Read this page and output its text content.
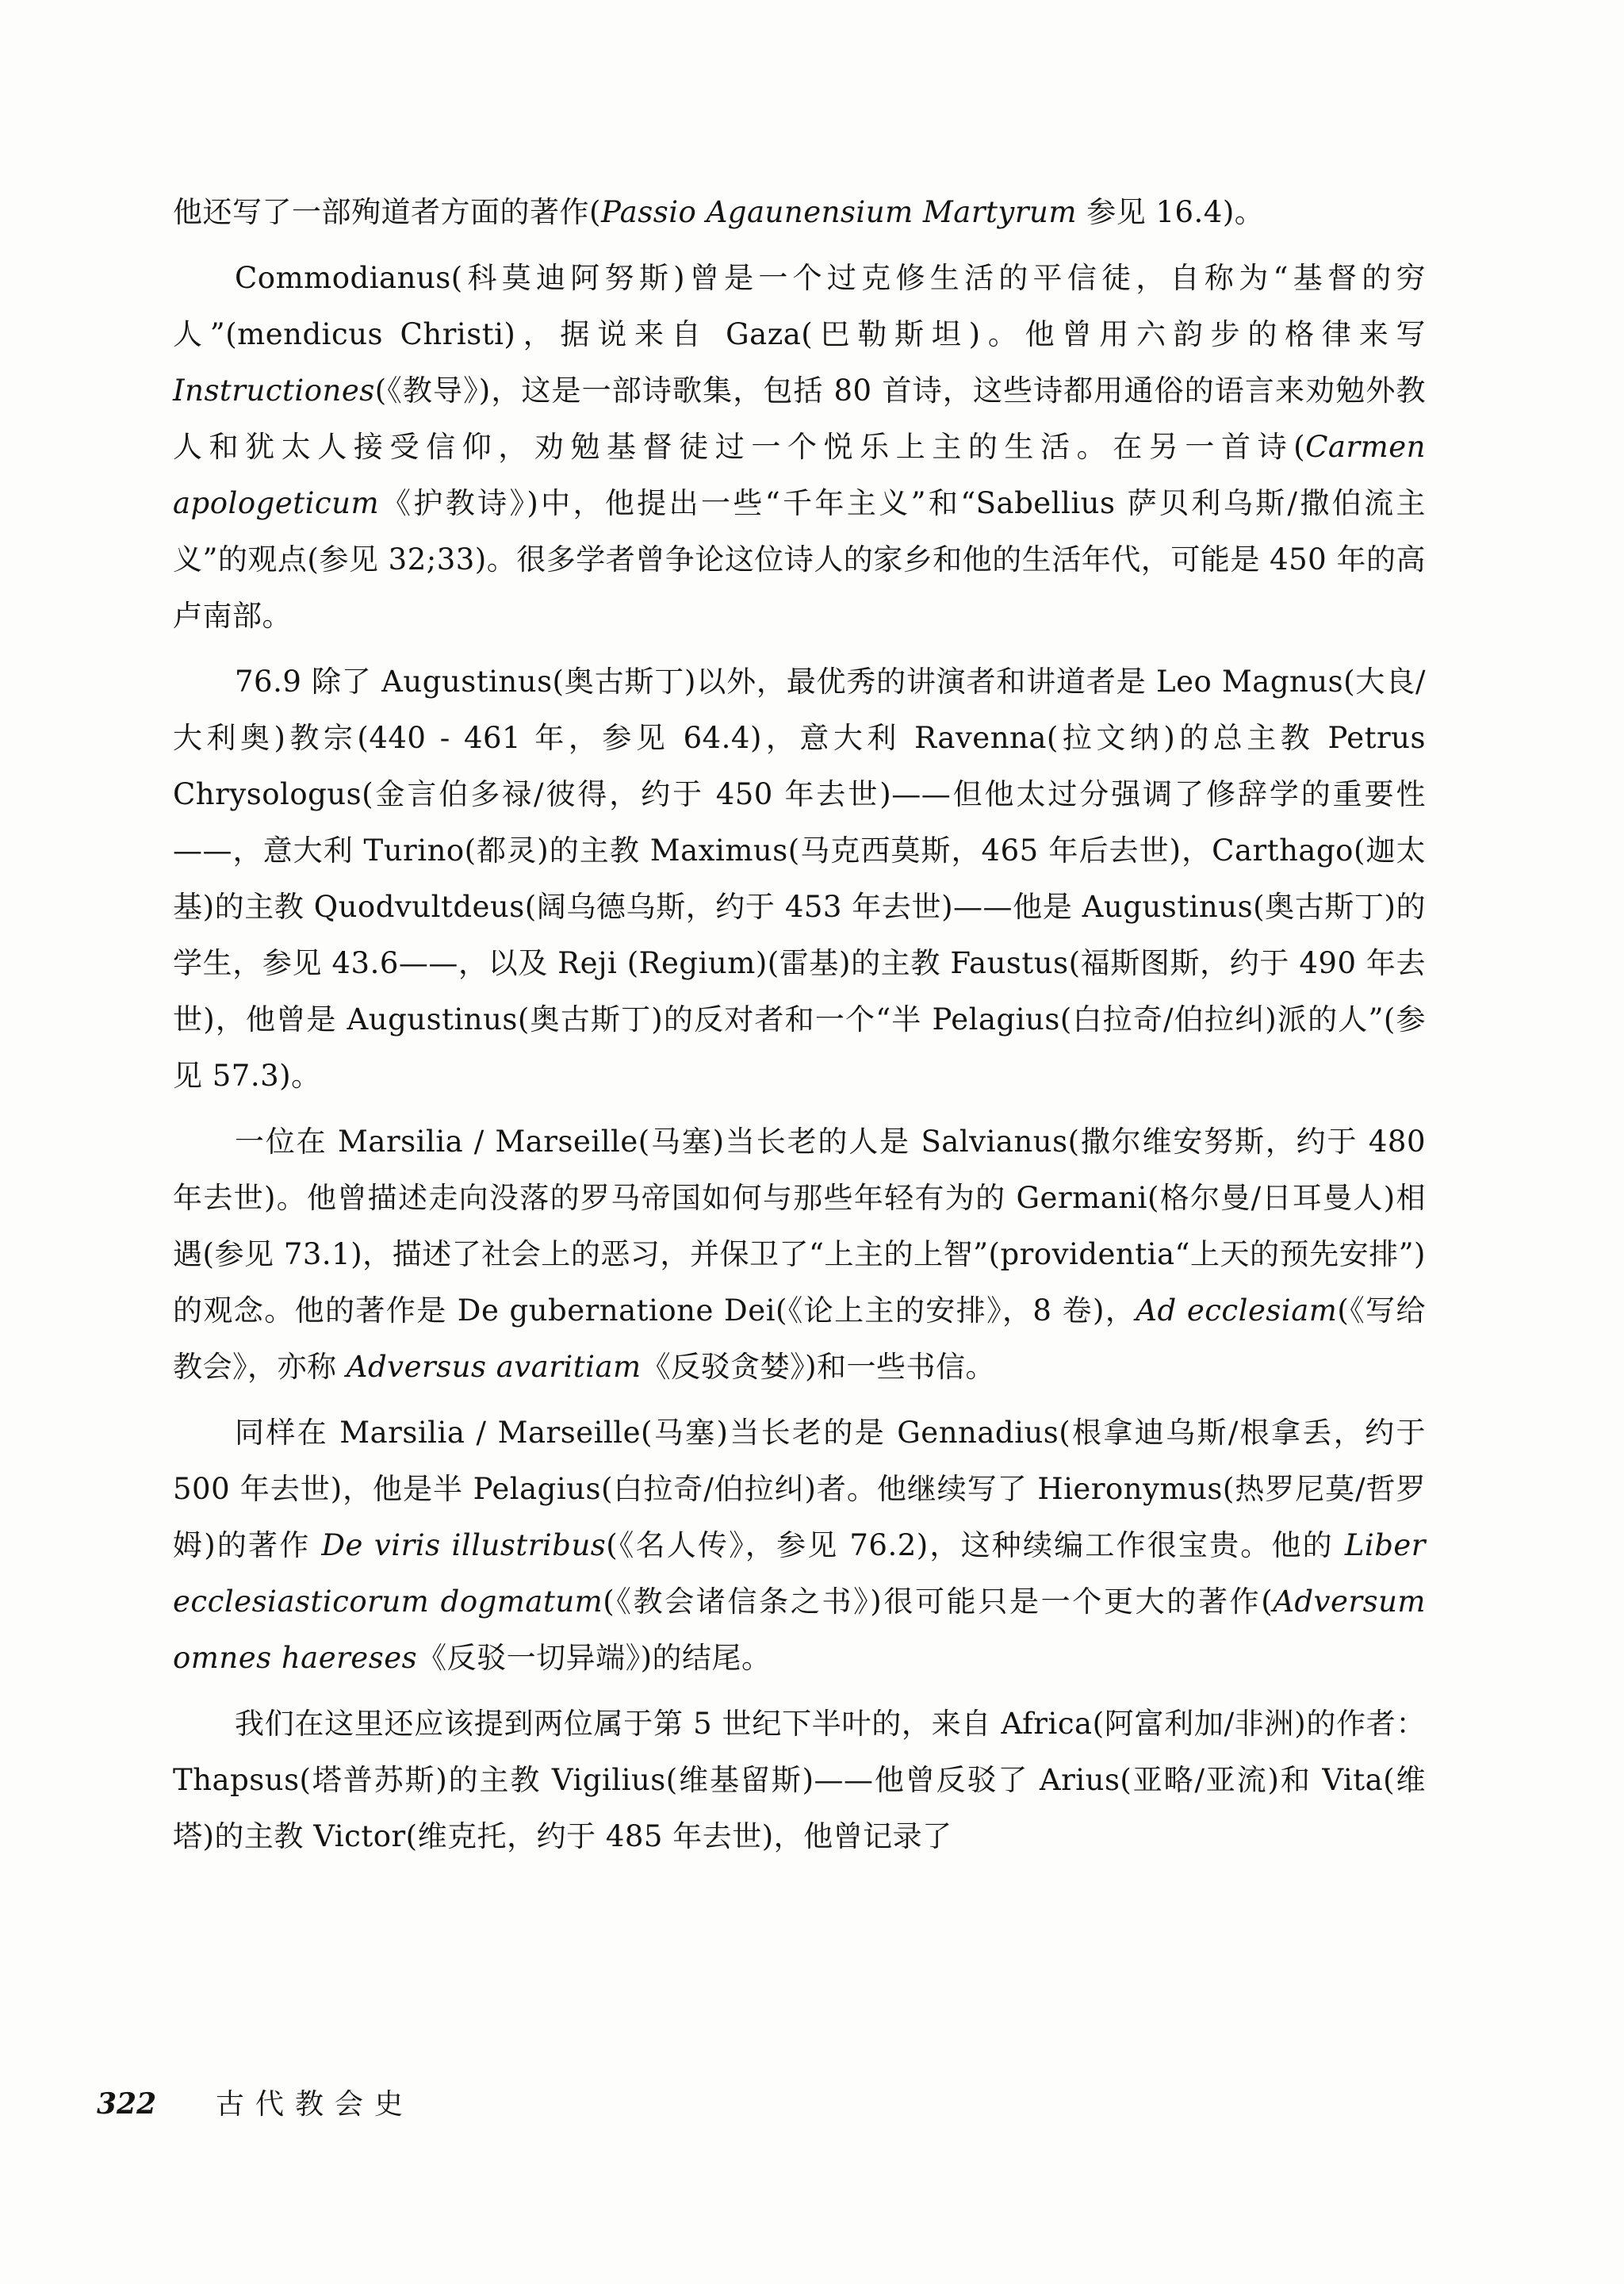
他还写了一部殉道者方面的著作(Passio Agaunensium Martyrum 参见 16.4)。

Commodianus(科莫迪阿努斯)曾是一个过克修生活的平信徒，自称为“基督的穷人”(mendicus Christi)，据说来自 Gaza(巴勒斯坦)。他曾用六韵步的格律来写 Instructiones(《教导》)，这是一部诗歌集，包括 80 首诗，这些诗都用通俗的语言来劝勉外教人和犹太人接受信仰，劝勉基督徒过一个悦乐上主的生活。在另一首诗(Carmen apologeticum《护教诗》)中，他提出一些“千年主义”和“Sabellius 萨贝利乌斯/撒伯流主义”的观点(参见 32;33)。很多学者曾争论这位诗人的家乡和他的生活年代，可能是 450 年的高卢南部。

76.9 除了 Augustinus(奥古斯丁)以外，最优秀的讲演者和讲道者是 Leo Magnus(大良/大利奥)教宗(440 - 461 年，参见 64.4)，意大利 Ravenna(拉文纳)的总主教 Petrus Chrysologus(金言伯多禄/彼得，约于 450 年去世)——但他太过分强调了修辞学的重要性——，意大利 Turino(都灵)的主教 Maximus(马克西莫斯，465 年后去世)，Carthago(迦太基)的主教 Quodvultdeus(阔乌德乌斯，约于 453 年去世)——他是 Augustinus(奥古斯丁)的学生，参见 43.6——，以及 Reji (Regium)(雷基)的主教 Faustus(福斯图斯，约于 490 年去世)，他曾是 Augustinus(奥古斯丁)的反对者和一个“半 Pelagius(白拉奇/伯拉纠)派的人”(参见 57.3)。

一位在 Marsilia / Marseille(马塞)当长老的人是 Salvianus(撒尔维安努斯，约于 480 年去世)。他曾描述走向没落的罗马帝国如何与那些年轻有为的 Germani(格尔曼/日耳曼人)相遇(参见 73.1)，描述了社会上的恶习，并保卫了“上主的上智”(providentia“上天的预先安排”)的观念。他的著作是 De gubernatione Dei(《论上主的安排》，8 卷)，Ad ecclesiam(《写给教会》，亦称 Adversus avaritiam《反驳贪婪》)和一些书信。

同样在 Marsilia / Marseille(马塞)当长老的是 Gennadius(根拿迪乌斯/根拿丢，约于 500 年去世)，他是半 Pelagius(白拉奇/伯拉纠)者。他继续写了 Hieronymus(热罗尼莫/哲罗姆)的著作 De viris illustribus(《名人传》，参见 76.2)，这种续编工作很宝贵。他的 Liber ecclesiasticorum dogmatum(《教会诸信条之书》)很可能只是一个更大的著作(Adversum omnes haereses《反驳一切异端》)的结尾。

我们在这里还应该提到两位属于第 5 世纪下半叶的，来自 Africa(阿富利加/非洲)的作者：Thapsus(塔普苏斯)的主教 Vigilius(维基留斯)——他曾反驳了 Arius(亚略/亚流)和 Vita(维塔)的主教 Victor(维克托，约于 485 年去世)，他曾记录了

322	古代教会史
